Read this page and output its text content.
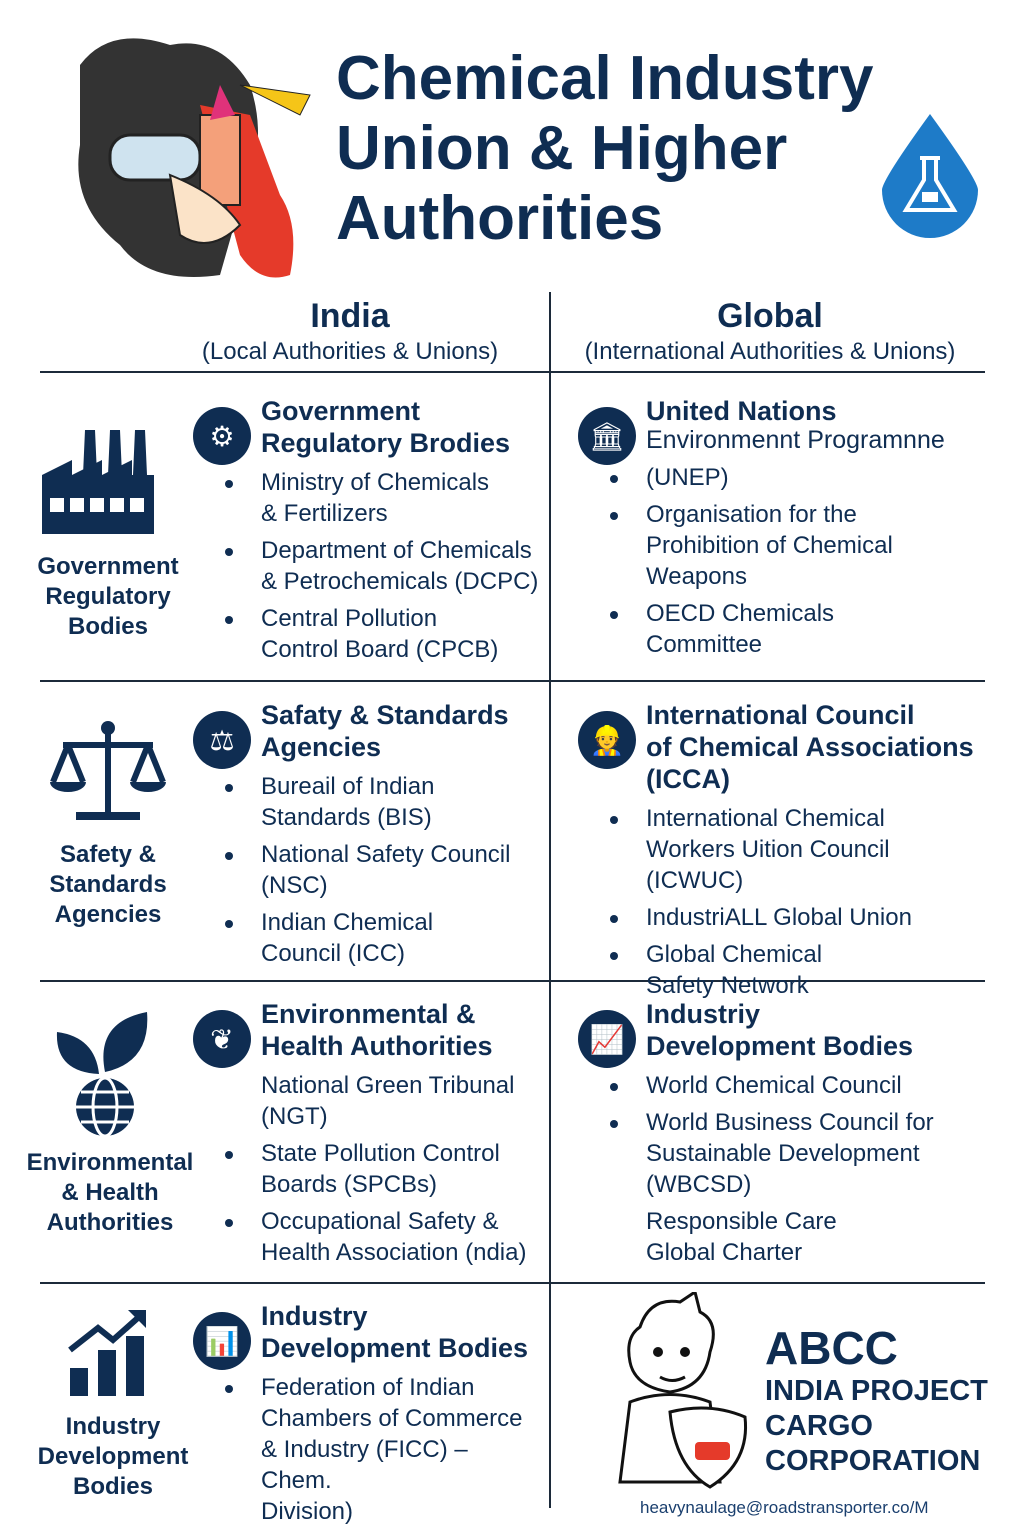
Chemical Industry
Union & Higher
Authorities
India
(Local Authorities & Unions)
Global
(International Authorities & Unions)
Government
Regulatory
Bodies
Safety &
Standards
Agencies
Environmental
& Health
Authorities
Industry
Development
Bodies
⚙
Government
Regulatory Brodies
Ministry of Chemicals
& Fertilizers
Department of Chemicals
& Petrochemicals (DCPC)
Central Pollution
Control Board (CPCB)
🏛
United Nations
Environmennt Programnne
(UNEP)
Organisation for the
Prohibition of Chemical
Weapons
OECD Chemicals
Committee
⚖
Safaty & Standards
Agencies
Bureail of Indian
Standards (BIS)
National Safety Council
(NSC)
Indian Chemical
Council (ICC)
👷
International Council
of Chemical Associations (ICCA)
International Chemical
Workers Uition Council
(ICWUC)
IndustriALL Global Union
Global Chemical
Safety Network
❦
Environmental &
Health Authorities
National Green Tribunal
(NGT)
State Pollution Control
Boards (SPCBs)
Occupational Safety &
Health Association (ndia)
📈
Industriy
Development Bodies
World Chemical Council
World Business Council for
Sustainable Development
(WBCSD)
Responsible Care
Global Charter
📊
Industry
Development Bodies
Federation of Indian
Chambers of Commerce
& Industry (FICC) – Chem.
Division)
ABCC
INDIA PROJECT
CARGO
CORPORATION
heavynaulage@roadstransporter.co/M
